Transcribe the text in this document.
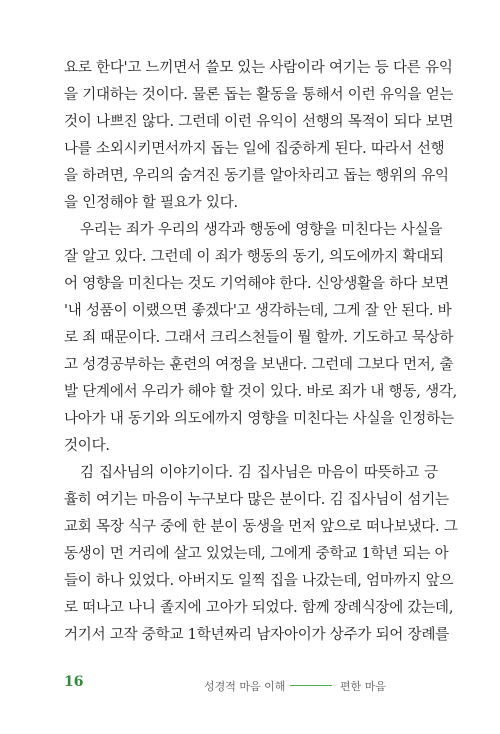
요로 한다'고 느끼면서 쓸모 있는 사람이라 여기는 등 다른 유익
을 기대하는 것이다. 물론 돕는 활동을 통해서 이런 유익을 얻는
것이 나쁘진 않다. 그런데 이런 유익이 선행의 목적이 되다 보면
나를 소외시키면서까지 돕는 일에 집중하게 된다. 따라서 선행
을 하려면, 우리의 숨겨진 동기를 알아차리고 돕는 행위의 유익
을 인정해야 할 필요가 있다.
우리는 죄가 우리의 생각과 행동에 영향을 미친다는 사실을
잘 알고 있다. 그런데 이 죄가 행동의 동기, 의도에까지 확대되
어 영향을 미친다는 것도 기억해야 한다. 신앙생활을 하다 보면
'내 성품이 이랬으면 좋겠다'고 생각하는데, 그게 잘 안 된다. 바
로 죄 때문이다. 그래서 크리스천들이 뭘 할까. 기도하고 묵상하
고 성경공부하는 훈련의 여정을 보낸다. 그런데 그보다 먼저, 출
발 단계에서 우리가 해야 할 것이 있다. 바로 죄가 내 행동, 생각,
나아가 내 동기와 의도에까지 영향을 미친다는 사실을 인정하는
것이다.
김 집사님의 이야기이다. 김 집사님은 마음이 따뜻하고 긍
휼히 여기는 마음이 누구보다 많은 분이다. 김 집사님이 섬기는
교회 목장 식구 중에 한 분이 동생을 먼저 앞으로 떠나보냈다. 그
동생이 먼 거리에 살고 있었는데, 그에게 중학교 1학년 되는 아
들이 하나 있었다. 아버지도 일찍 집을 나갔는데, 엄마까지 앞으
로 떠나고 나니 졸지에 고아가 되었다. 함께 장례식장에 갔는데,
거기서 고작 중학교 1학년짜리 남자아이가 상주가 되어 장례를
16	성경적 마음 이해	편한 마음
